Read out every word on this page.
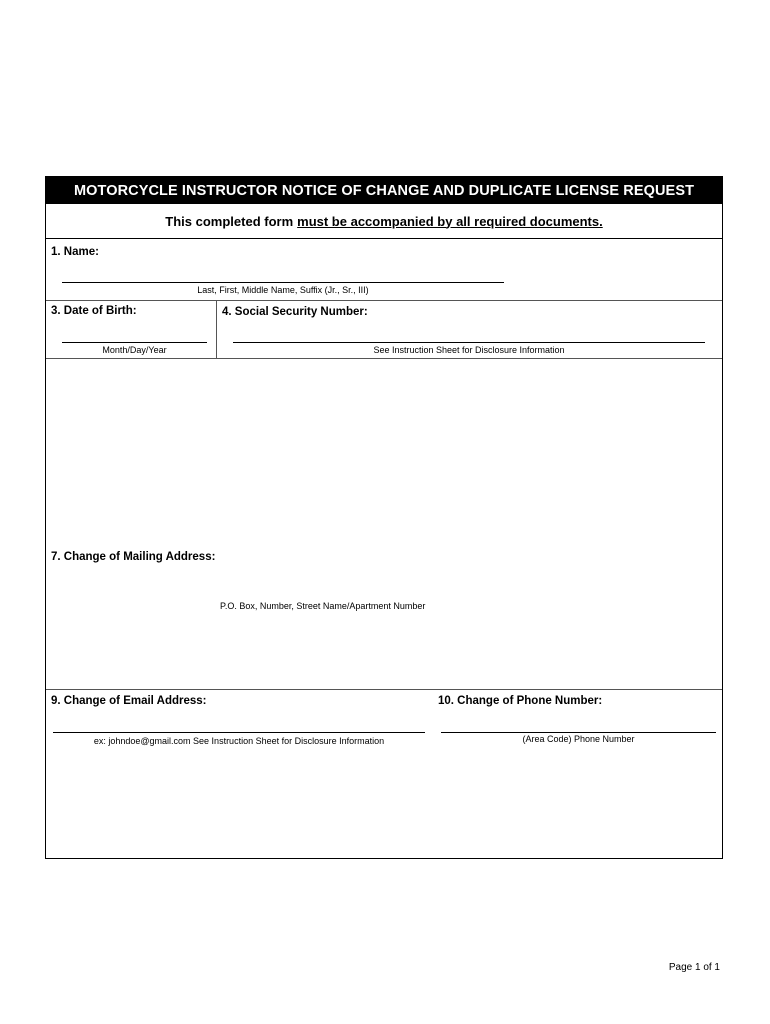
MOTORCYCLE INSTRUCTOR NOTICE OF CHANGE AND DUPLICATE LICENSE REQUEST
This completed form must be accompanied by all required documents.
1. Name:
Last, First, Middle Name, Suffix (Jr., Sr., III)
3. Date of Birth:
Month/Day/Year
4. Social Security Number:
See Instruction Sheet for Disclosure Information
7. Change of Mailing Address:
P.O. Box, Number, Street Name/Apartment Number
9. Change of Email Address:
ex: johndoe@gmail.com See Instruction Sheet for Disclosure Information
10. Change of Phone Number:
(Area Code) Phone Number
Page 1 of 1
